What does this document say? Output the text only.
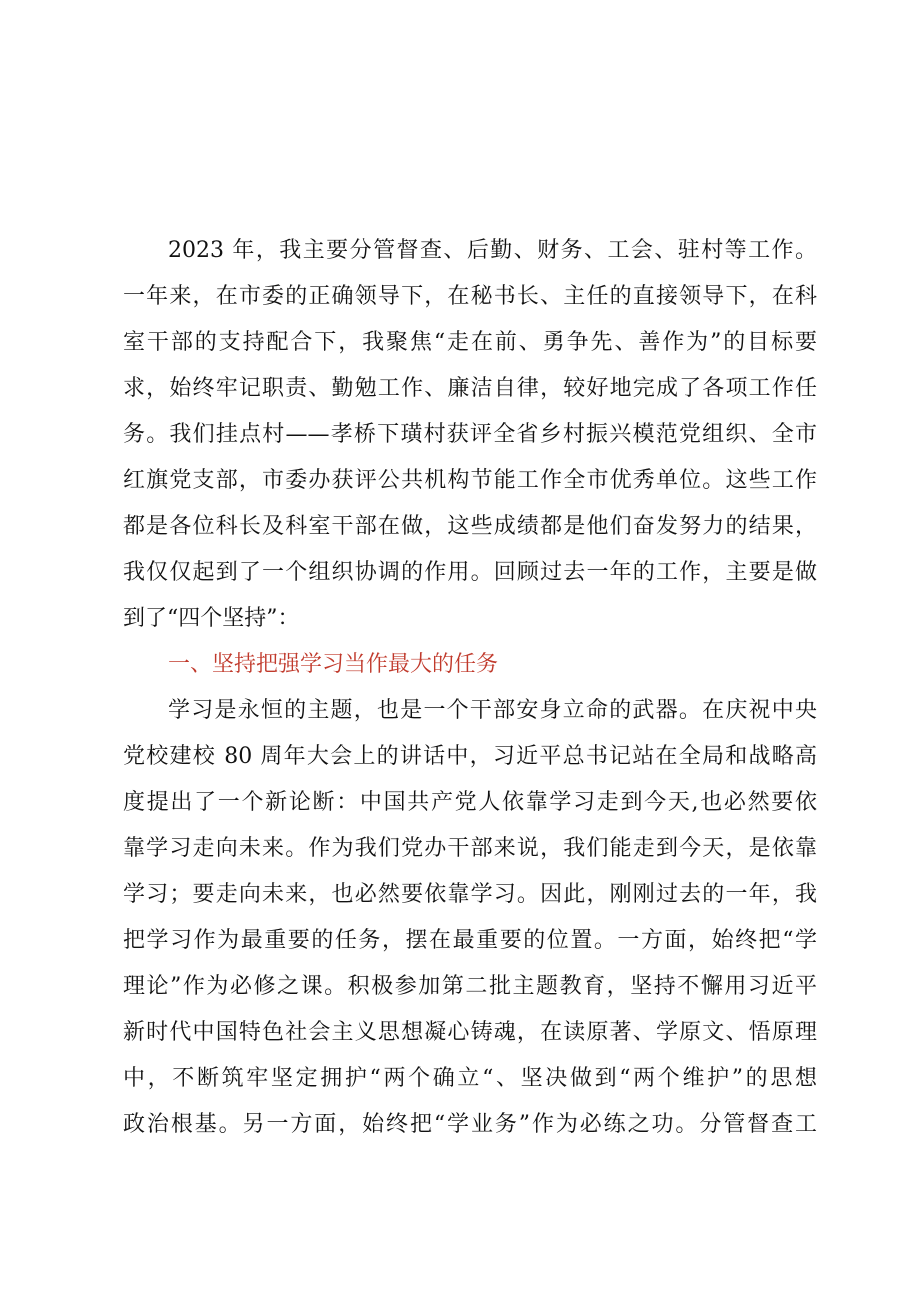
2023 年，我主要分管督查、后勤、财务、工会、驻村等工作。
一年来，在市委的正确领导下，在秘书长、主任的直接领导下，在科
室干部的支持配合下，我聚焦“走在前、勇争先、善作为”的目标要
求，始终牢记职责、勤勉工作、廉洁自律，较好地完成了各项工作任
务。我们挂点村——孝桥下璜村获评全省乡村振兴模范党组织、全市
红旗党支部，市委办获评公共机构节能工作全市优秀单位。这些工作
都是各位科长及科室干部在做，这些成绩都是他们奋发努力的结果，
我仅仅起到了一个组织协调的作用。回顾过去一年的工作，主要是做
到了“四个坚持”：
一、坚持把强学习当作最大的任务
学习是永恒的主题，也是一个干部安身立命的武器。在庆祝中央
党校建校 80 周年大会上的讲话中，习近平总书记站在全局和战略高
度提出了一个新论断：中国共产党人依靠学习走到今天,也必然要依
靠学习走向未来。作为我们党办干部来说，我们能走到今天，是依靠
学习；要走向未来，也必然要依靠学习。因此，刚刚过去的一年，我
把学习作为最重要的任务，摆在最重要的位置。一方面，始终把“学
理论”作为必修之课。积极参加第二批主题教育，坚持不懈用习近平
新时代中国特色社会主义思想凝心铸魂，在读原著、学原文、悟原理
中，不断筑牢坚定拥护“两个确立“、坚决做到“两个维护”的思想
政治根基。另一方面，始终把“学业务”作为必练之功。分管督查工
